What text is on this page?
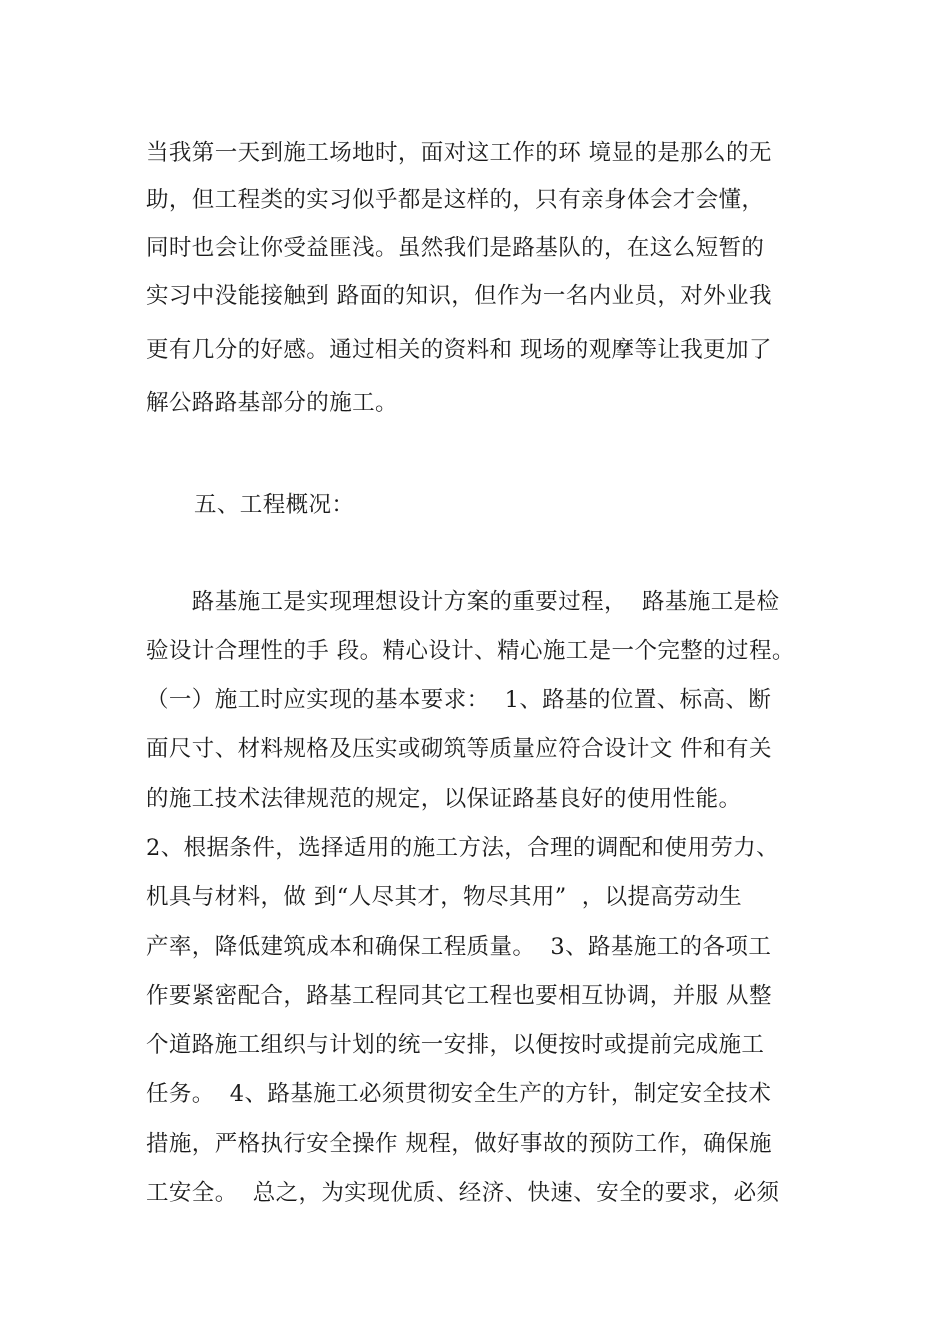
当我第一天到施工场地时，面对这工作的环 境显的是那么的无
助，但工程类的实习似乎都是这样的，只有亲身体会才会懂，
同时也会让你受益匪浅。虽然我们是路基队的，在这么短暂的
实习中没能接触到 路面的知识，但作为一名内业员，对外业我
更有几分的好感。通过相关的资料和 现场的观摩等让我更加了
解公路路基部分的施工。
五、工程概况：
　　路基施工是实现理想设计方案的重要过程，  路基施工是检
验设计合理性的手 段。精心设计、精心施工是一个完整的过程。
（一）施工时应实现的基本要求：  1、路基的位置、标高、断
面尺寸、材料规格及压实或砌筑等质量应符合设计文 件和有关
的施工技术法律规范的规定，以保证路基良好的使用性能。
2、根据条件，选择适用的施工方法，合理的调配和使用劳力、
机具与材料，做 到“人尽其才，物尽其用”  ，以提高劳动生
产率，降低建筑成本和确保工程质量。  3、路基施工的各项工
作要紧密配合，路基工程同其它工程也要相互协调，并服 从整
个道路施工组织与计划的统一安排，以便按时或提前完成施工
任务。  4、路基施工必须贯彻安全生产的方针，制定安全技术
措施，严格执行安全操作 规程，做好事故的预防工作，确保施
工安全。  总之，为实现优质、经济、快速、安全的要求，必须
